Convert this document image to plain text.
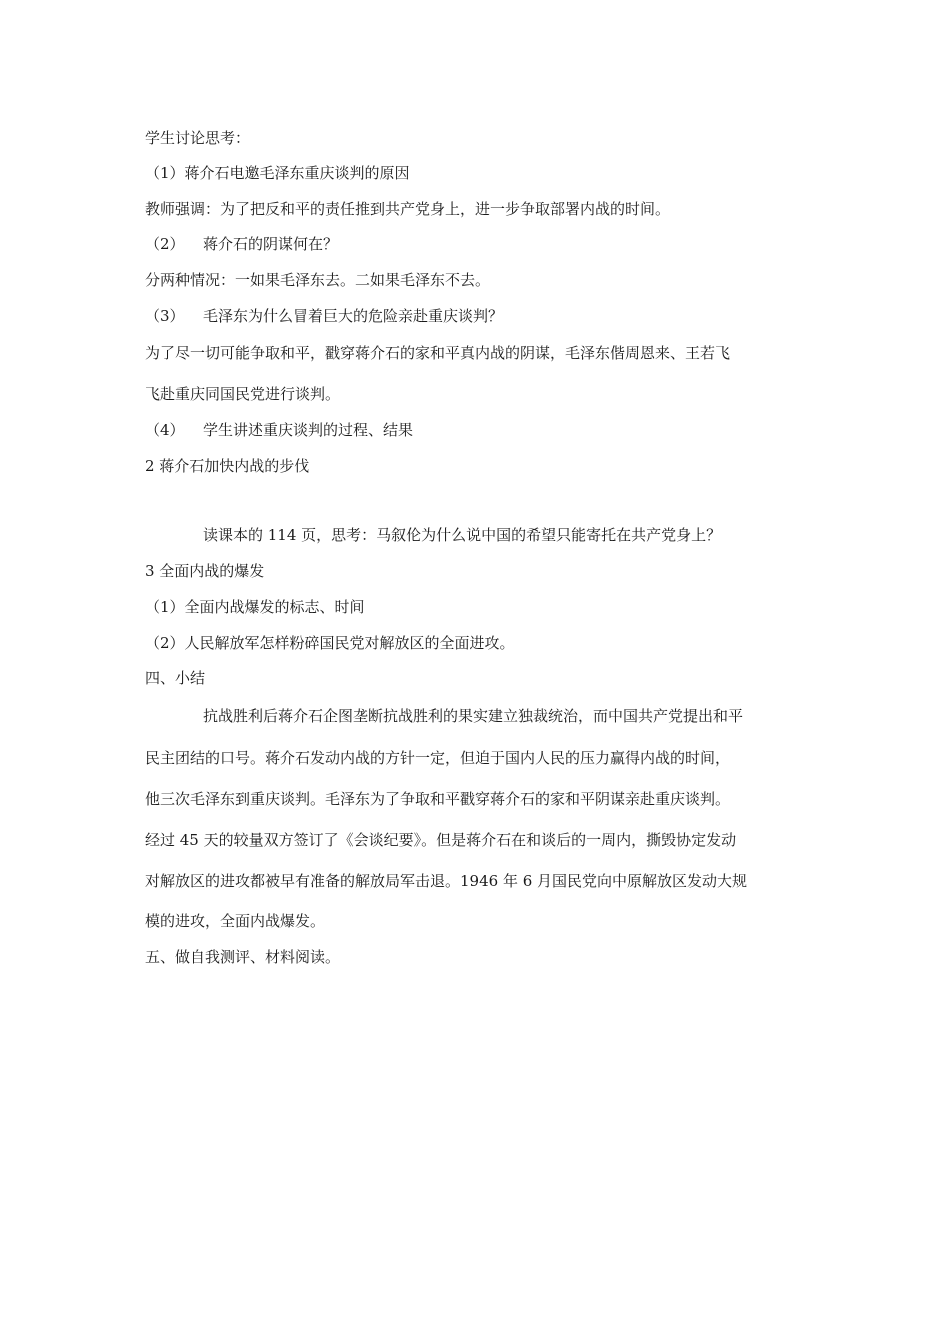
学生讨论思考：
（1）蒋介石电邀毛泽东重庆谈判的原因
教师强调：为了把反和平的责任推到共产党身上，进一步争取部署内战的时间。
（2） 蒋介石的阴谋何在？
分两种情况：一如果毛泽东去。二如果毛泽东不去。
（3） 毛泽东为什么冒着巨大的危险亲赴重庆谈判？
为了尽一切可能争取和平，戳穿蒋介石的家和平真内战的阴谋，毛泽东偕周恩来、王若飞
飞赴重庆同国民党进行谈判。
（4） 学生讲述重庆谈判的过程、结果
2 蒋介石加快内战的步伐
读课本的 114 页，思考：马叙伦为什么说中国的希望只能寄托在共产党身上？
3 全面内战的爆发
（1）全面内战爆发的标志、时间
（2）人民解放军怎样粉碎国民党对解放区的全面进攻。
四、小结
抗战胜利后蒋介石企图垄断抗战胜利的果实建立独裁统治，而中国共产党提出和平
民主团结的口号。蒋介石发动内战的方针一定，但迫于国内人民的压力赢得内战的时间，
他三次毛泽东到重庆谈判。毛泽东为了争取和平戳穿蒋介石的家和平阴谋亲赴重庆谈判。
经过 45 天的较量双方签订了《会谈纪要》。但是蒋介石在和谈后的一周内，撕毁协定发动
对解放区的进攻都被早有准备的解放局军击退。1946 年 6 月国民党向中原解放区发动大规
模的进攻，全面内战爆发。
五、做自我测评、材料阅读。
